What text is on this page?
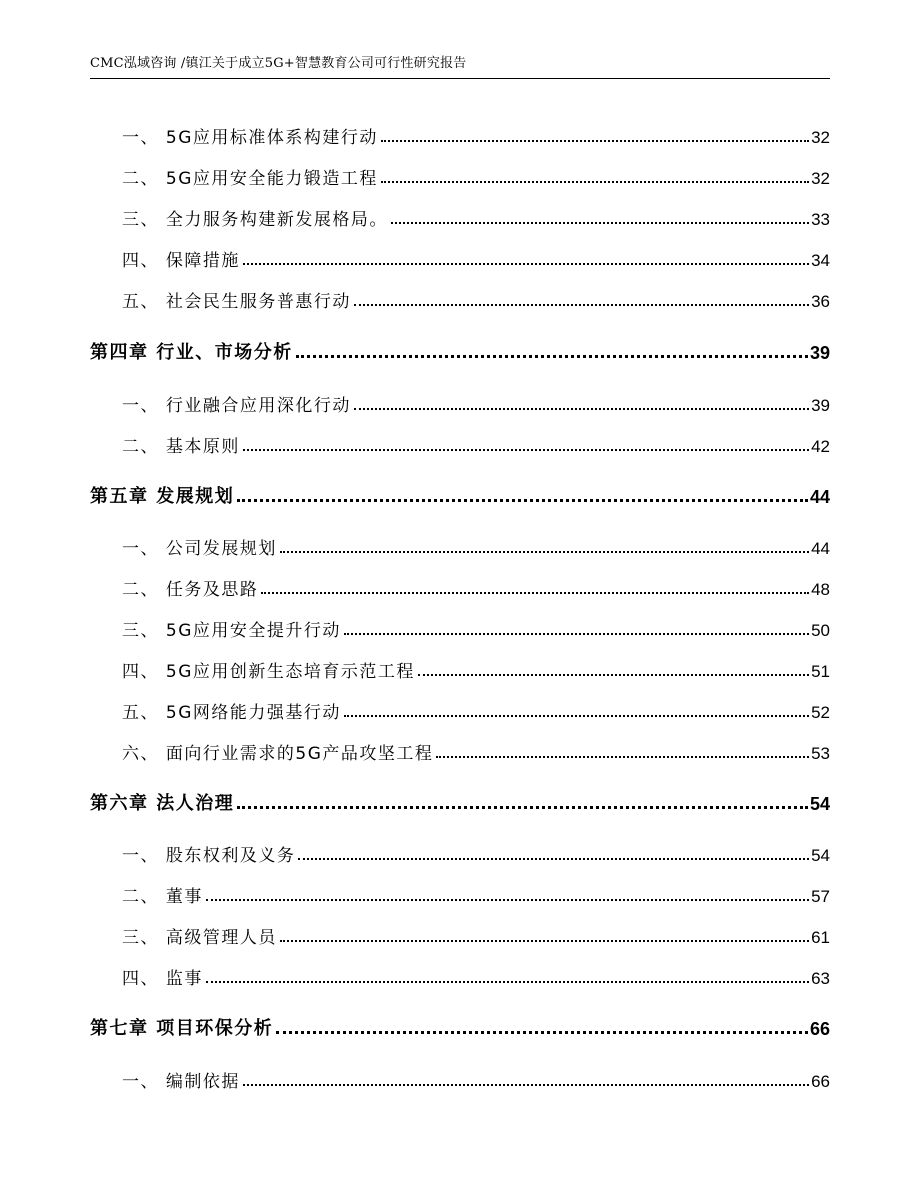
CMC泓域咨询 /镇江关于成立5G+智慧教育公司可行性研究报告
一、 5G应用标准体系构建行动	32
二、 5G应用安全能力锻造工程	32
三、 全力服务构建新发展格局。	33
四、 保障措施	34
五、 社会民生服务普惠行动	36
第四章 行业、市场分析	39
一、 行业融合应用深化行动	39
二、 基本原则	42
第五章 发展规划	44
一、 公司发展规划	44
二、 任务及思路	48
三、 5G应用安全提升行动	50
四、 5G应用创新生态培育示范工程	51
五、 5G网络能力强基行动	52
六、 面向行业需求的5G产品攻坚工程	53
第六章 法人治理	54
一、 股东权利及义务	54
二、 董事	57
三、 高级管理人员	61
四、 监事	63
第七章 项目环保分析	66
一、 编制依据	66
